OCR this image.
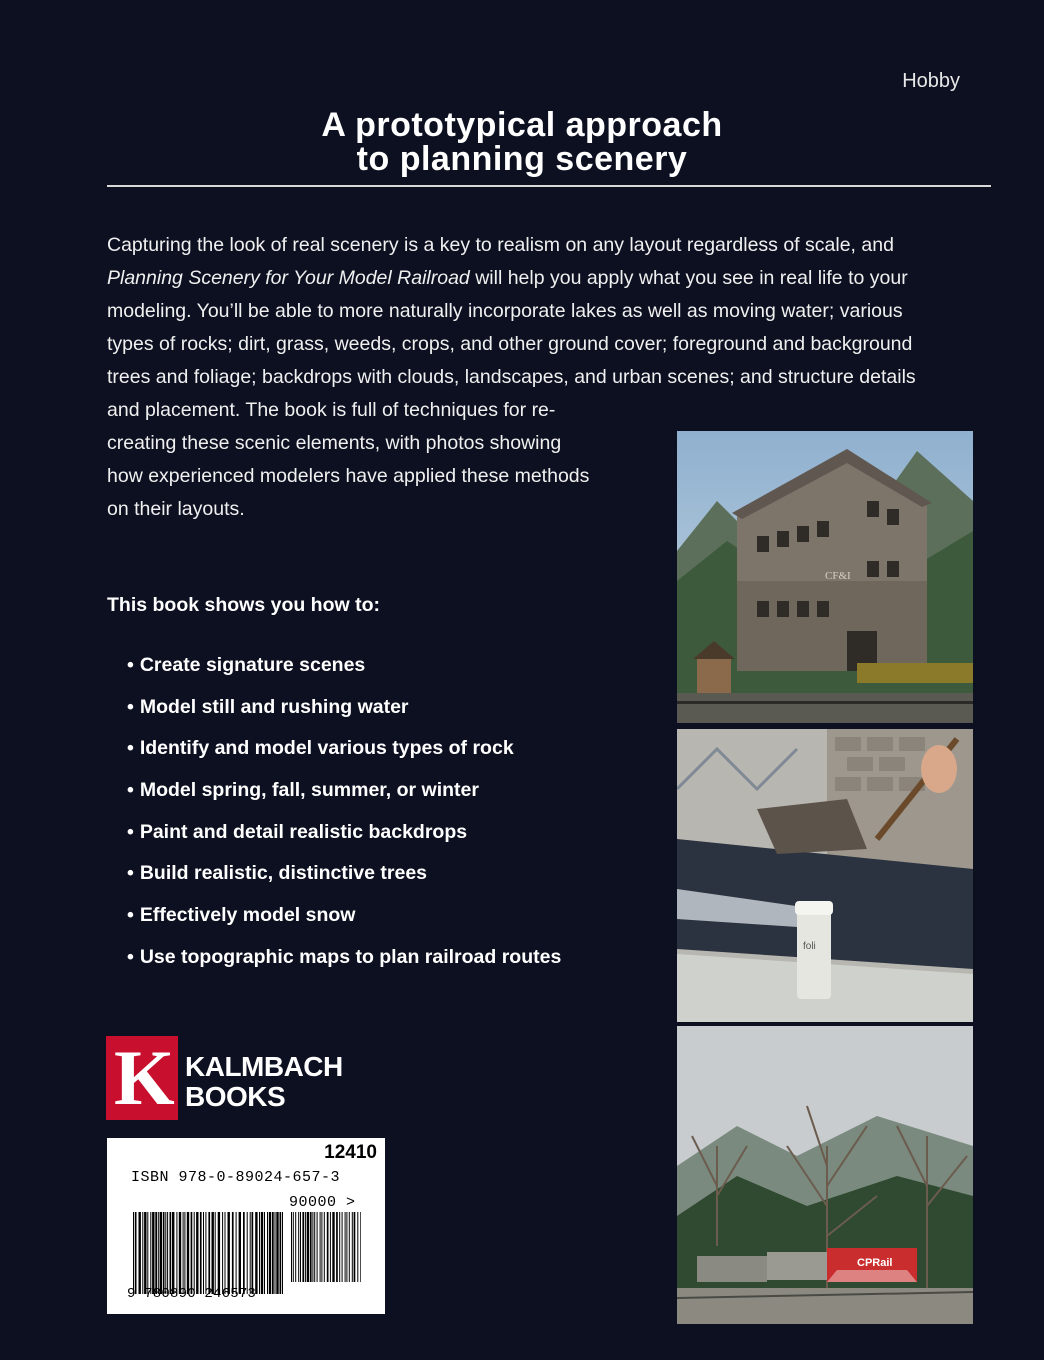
Hobby
A prototypical approach
to planning scenery
Capturing the look of real scenery is a key to realism on any layout regardless of scale, and Planning Scenery for Your Model Railroad will help you apply what you see in real life to your modeling. You’ll be able to more naturally incorporate lakes as well as moving water; various types of rocks; dirt, grass, weeds, crops, and other ground cover; foreground and background trees and foliage; backdrops with clouds, landscapes, and urban scenes; and structure details
and placement. The book is full of techniques for re-creating these scenic elements, with photos showing how experienced modelers have applied these methods on their layouts.
This book shows you how to:
• Create signature scenes
• Model still and rushing water
• Identify and model various types of rock
• Model spring, fall, summer, or winter
• Paint and detail realistic backdrops
• Build realistic, distinctive trees
• Effectively model snow
• Use topographic maps to plan railroad routes
K KALMBACH
BOOKS
12410
ISBN 978-0-89024-657-3
90000 >
9 780890 246573
CF&I
foli
CPRail
